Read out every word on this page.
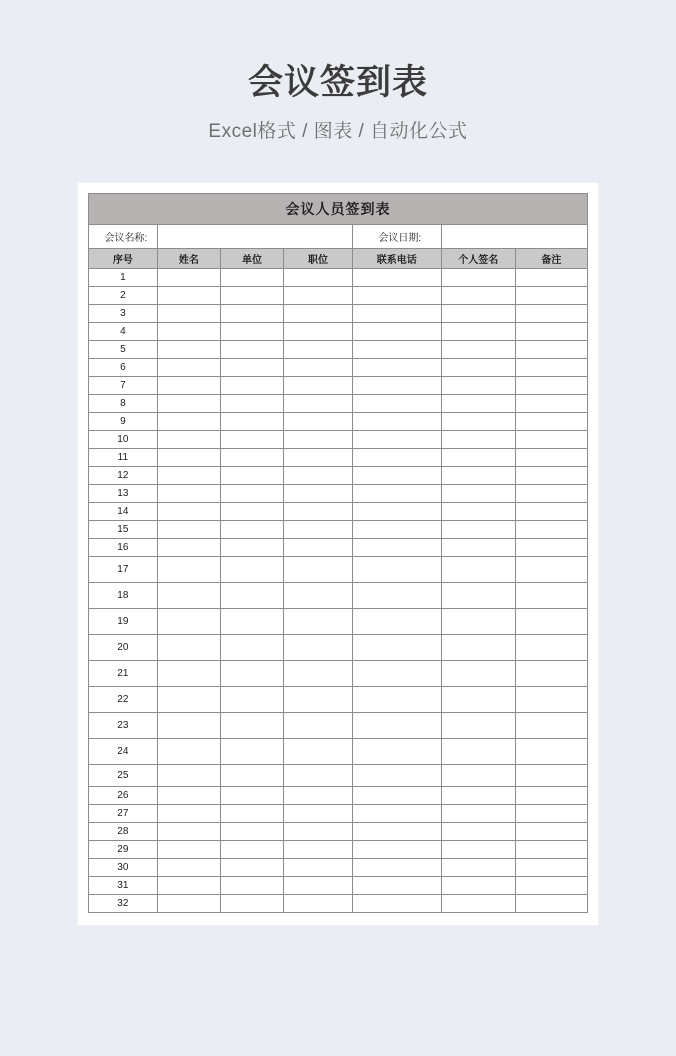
会议签到表
Excel格式 / 图表 / 自动化公式
会议人员签到表						
会议名称:				会议日期:		
序号	姓名	单位	职位	联系电话	个人签名	备注
1						
2						
3						
4						
5						
6						
7						
8						
9						
10						
11						
12						
13						
14						
15						
16						
17						
18						
19						
20						
21						
22						
23						
24						
25						
26						
27						
28						
29						
30						
31						
32						
